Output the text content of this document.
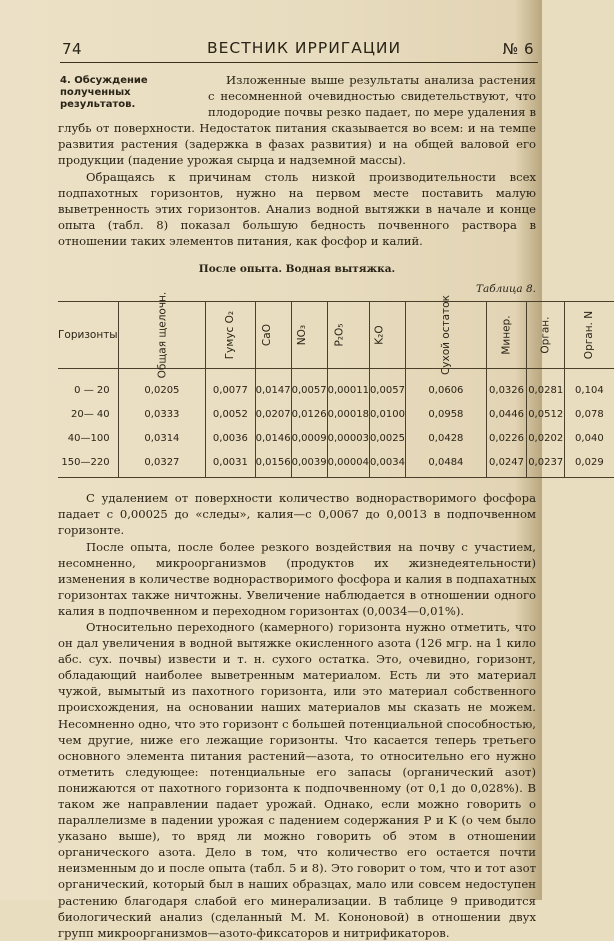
74	ВЕСТНИК ИРРИГАЦИИ	№ 6
4. Обсуждение полученных результатов.

Изложенные выше результаты анализа растения с несомненной очевидностью свидетельствуют, что плодородие почвы резко падает, по мере удаления в глубь от поверхности. Недостаток питания сказывается во всем: и на темпе развития растения (задержка в фазах развития) и на общей валовой его продукции (падение урожая сырца и надземной массы).

Обращаясь к причинам столь низкой производительности всех подпахотных горизонтов, нужно на первом месте поставить малую выветренность этих горизонтов. Анализ водной вытяжки в начале и конце опыта (табл. 8) показал большую бедность почвенного раствора в отношении таких элементов питания, как фосфор и калий.

После опыта. Водная вытяжка.
Таблица 8.
Горизонты	Общая щелочн.	Гумус O₂	CaO	NO₃	P₂O₅	K₂O	Сухой остаток	Минер.	Орган.	Орган. N
0 — 20	0,0205	0,0077	0,0147	0,0057	0,00011	0,0057	0,0606	0,0326	0,0281	0,104
20— 40	0,0333	0,0052	0,0207	0,0126	0,00018	0,0100	0,0958	0,0446	0,0512	0,078
40—100	0,0314	0,0036	0,0146	0,0009	0,00003	0,0025	0,0428	0,0226	0,0202	0,040
150—220	0,0327	0,0031	0,0156	0,0039	0,00004	0,0034	0,0484	0,0247	0,0237	0,029

С удалением от поверхности количество воднорастворимого фосфора падает с 0,00025 до «следы», калия—с 0,0067 до 0,0013 в подпочвенном горизонте.

После опыта, после более резкого воздействия на почву с участием, несомненно, микроорганизмов (продуктов их жизнедеятельности) изменения в количестве воднорастворимого фосфора и калия в подпахатных горизонтах также ничтожны. Увеличение наблюдается в отношении одного калия в подпочвенном и переходном горизонтах (0,0034—0,01%).

Относительно переходного (камерного) горизонта нужно отметить, что он дал увеличения в водной вытяжке окисленного азота (126 мгр. на 1 кило абс. сух. почвы) извести и т. н. сухого остатка. Это, очевидно, горизонт, обладающий наиболее выветренным материалом. Есть ли это материал чужой, вымытый из пахотного горизонта, или это материал собственного происхождения, на основании наших материалов мы сказать не можем. Несомненно одно, что это горизонт с большей потенциальной способностью, чем другие, ниже его лежащие горизонты. Что касается теперь третьего основного элемента питания растений—азота, то относительно его нужно отметить следующее: потенциальные его запасы (органический азот) понижаются от пахотного горизонта к подпочвенному (от 0,1 до 0,028%). В таком же направлении падает урожай. Однако, если можно говорить о параллелизме в падении урожая с падением содержания P и K (о чем было указано выше), то вряд ли можно говорить об этом в отношении органического азота. Дело в том, что количество его остается почти неизменным до и после опыта (табл. 5 и 8). Это говорит о том, что и тот азот органический, который был в наших образцах, мало или совсем недоступен растению благодаря слабой его минерализации. В таблице 9 приводится биологический анализ (сделанный М. М. Кононовой) в отношении двух групп микроорганизмов—азото-фиксаторов и нитрификаторов.
